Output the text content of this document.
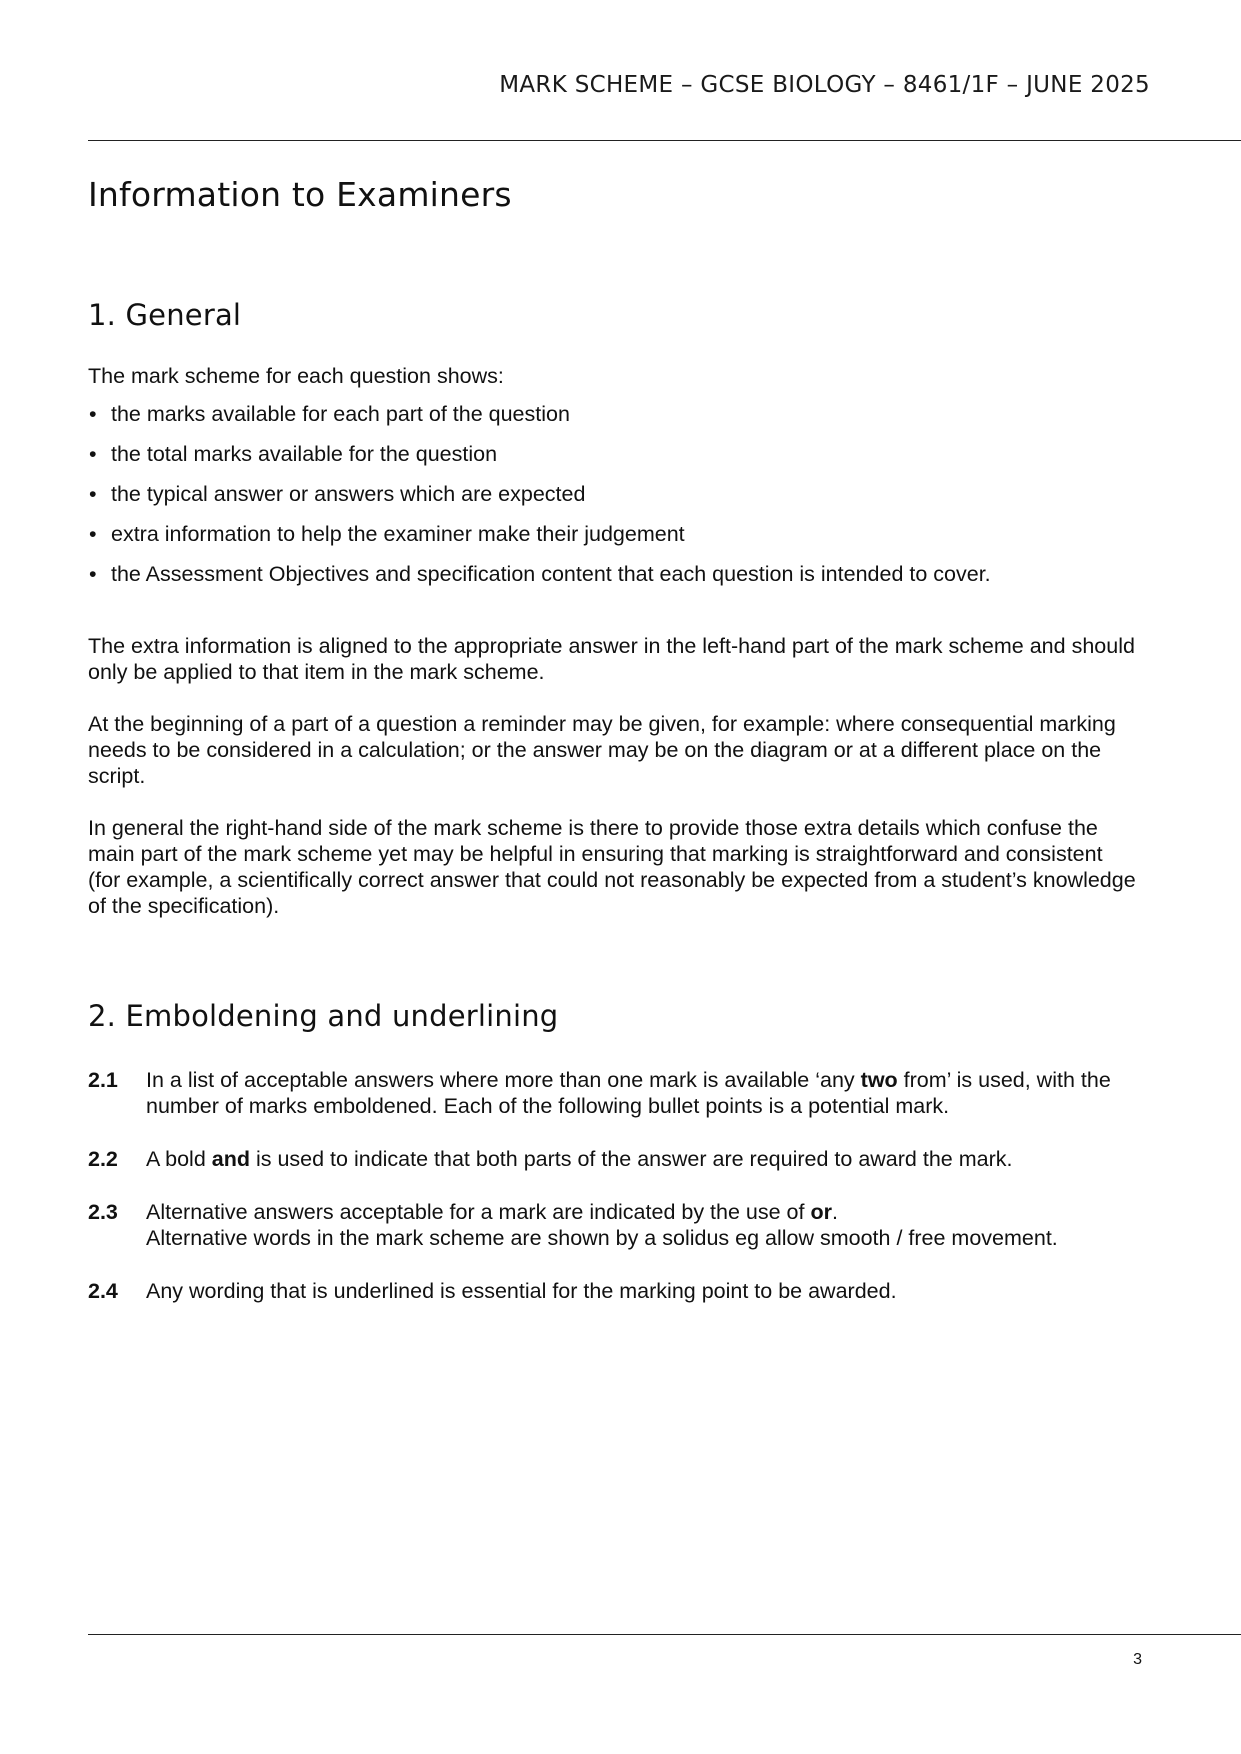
MARK SCHEME – GCSE BIOLOGY – 8461/1F – JUNE 2025
Information to Examiners
1. General

The mark scheme for each question shows:

• the marks available for each part of the question
• the total marks available for the question
• the typical answer or answers which are expected
• extra information to help the examiner make their judgement
• the Assessment Objectives and specification content that each question is intended to cover.

The extra information is aligned to the appropriate answer in the left-hand part of the mark scheme and should only be applied to that item in the mark scheme.

At the beginning of a part of a question a reminder may be given, for example: where consequential marking needs to be considered in a calculation; or the answer may be on the diagram or at a different place on the script.

In general the right-hand side of the mark scheme is there to provide those extra details which confuse the main part of the mark scheme yet may be helpful in ensuring that marking is straightforward and consistent (for example, a scientifically correct answer that could not reasonably be expected from a student’s knowledge of the specification).

2. Emboldening and underlining
2.1	In a list of acceptable answers where more than one mark is available ‘any two from’ is used, with the number of marks emboldened. Each of the following bullet points is a potential mark.
2.2	A bold and is used to indicate that both parts of the answer are required to award the mark.
2.3	Alternative answers acceptable for a mark are indicated by the use of or.
Alternative words in the mark scheme are shown by a solidus eg allow smooth / free movement.
2.4	Any wording that is underlined is essential for the marking point to be awarded.
3
